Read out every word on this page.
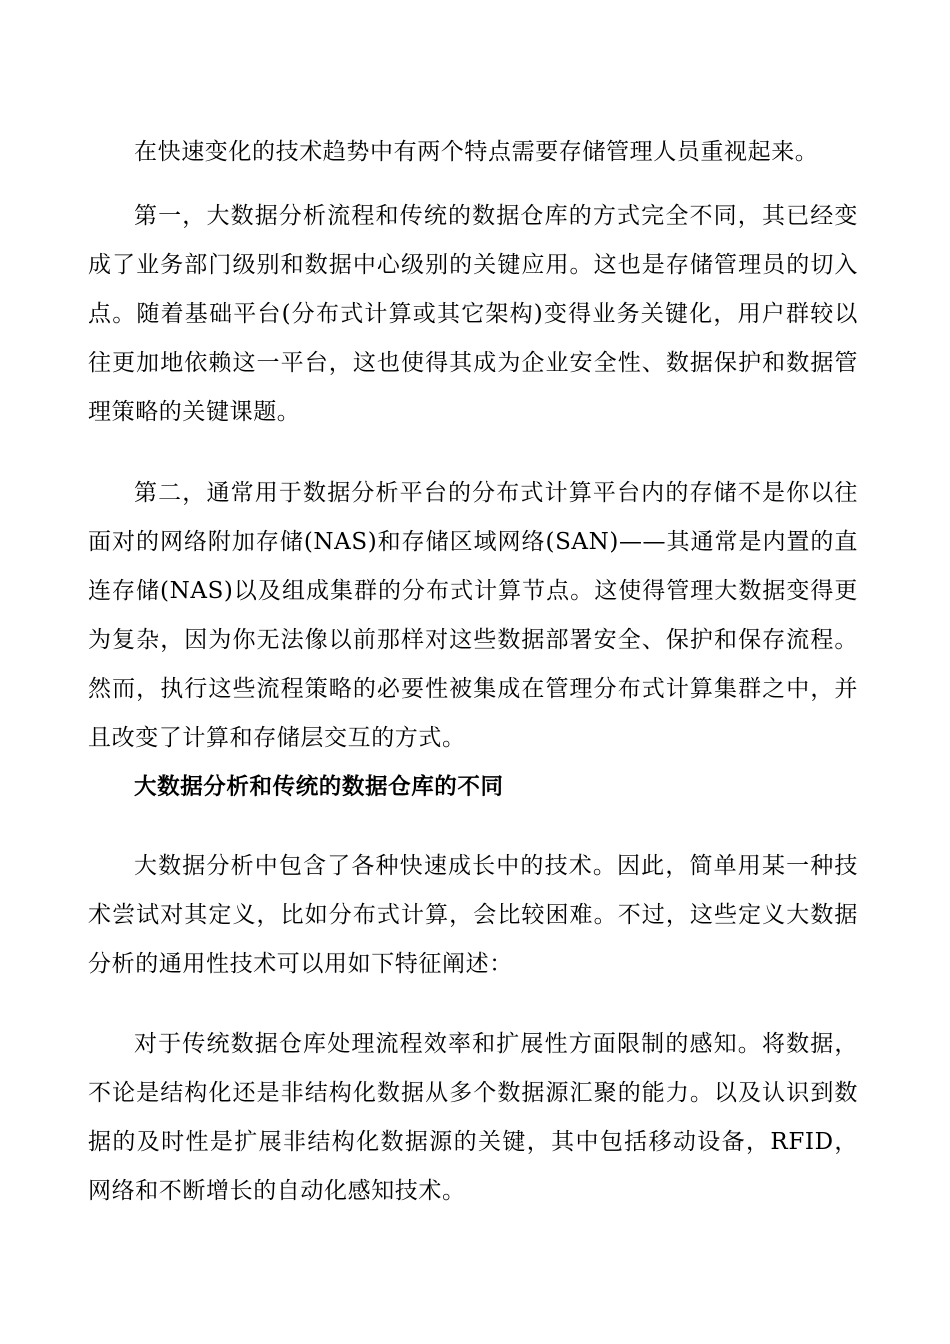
在快速变化的技术趋势中有两个特点需要存储管理人员重视起来。

第一，大数据分析流程和传统的数据仓库的方式完全不同，其已经变成了业务部门级别和数据中心级别的关键应用。这也是存储管理员的切入点。随着基础平台(分布式计算或其它架构)变得业务关键化，用户群较以往更加地依赖这一平台，这也使得其成为企业安全性、数据保护和数据管理策略的关键课题。

第二，通常用于数据分析平台的分布式计算平台内的存储不是你以往面对的网络附加存储(NAS)和存储区域网络(SAN)——其通常是内置的直连存储(NAS)以及组成集群的分布式计算节点。这使得管理大数据变得更为复杂，因为你无法像以前那样对这些数据部署安全、保护和保存流程。然而，执行这些流程策略的必要性被集成在管理分布式计算集群之中，并且改变了计算和存储层交互的方式。

大数据分析和传统的数据仓库的不同

大数据分析中包含了各种快速成长中的技术。因此，简单用某一种技术尝试对其定义，比如分布式计算，会比较困难。不过，这些定义大数据分析的通用性技术可以用如下特征阐述：

对于传统数据仓库处理流程效率和扩展性方面限制的感知。将数据，不论是结构化还是非结构化数据从多个数据源汇聚的能力。以及认识到数据的及时性是扩展非结构化数据源的关键，其中包括移动设备，RFID，网络和不断增长的自动化感知技术。
